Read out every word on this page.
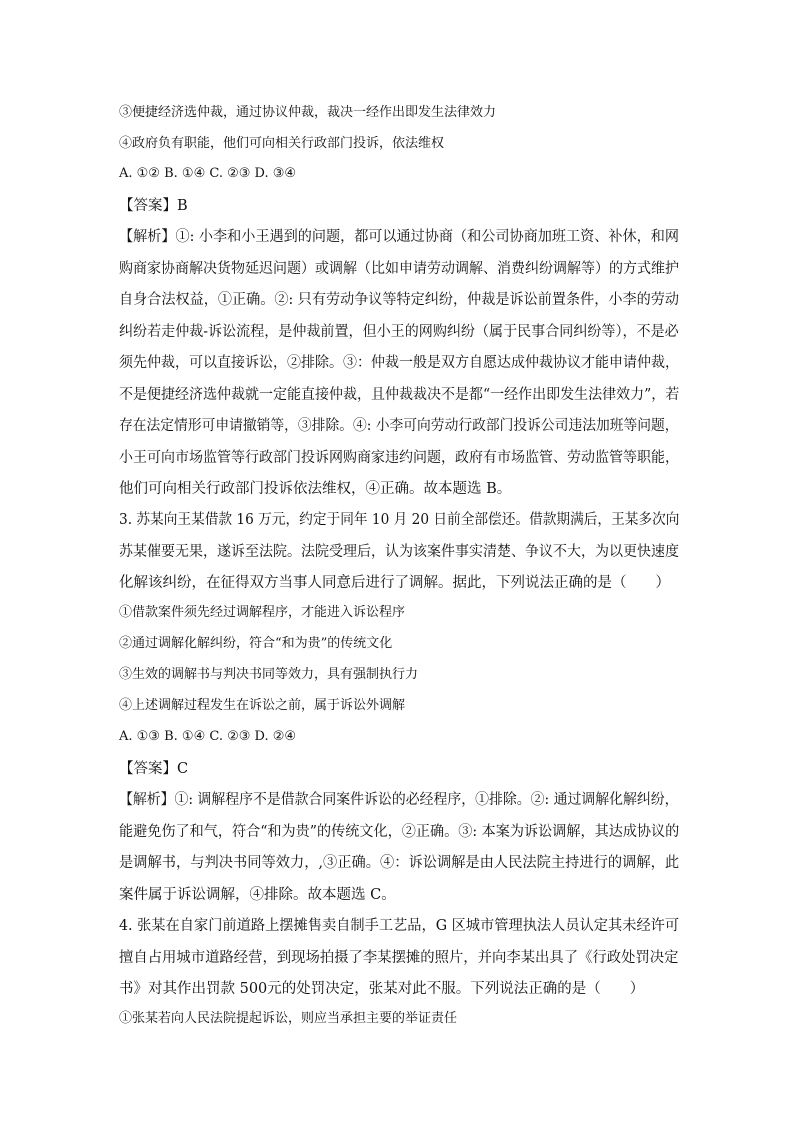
③便捷经济选仲裁，通过协议仲裁，裁决一经作出即发生法律效力
④政府负有职能，他们可向相关行政部门投诉，依法维权
A. ①② B. ①④ C. ②③ D. ③④
【答案】B
【解析】①: 小李和小王遇到的问题，都可以通过协商（和公司协商加班工资、补休，和网
购商家协商解决货物延迟问题）或调解（比如申请劳动调解、消费纠纷调解等）的方式维护
自身合法权益，①正确。②: 只有劳动争议等特定纠纷，仲裁是诉讼前置条件，小李的劳动
纠纷若走仲裁-诉讼流程，是仲裁前置，但小王的网购纠纷（属于民事合同纠纷等），不是必
须先仲裁，可以直接诉讼，②排除。③：仲裁一般是双方自愿达成仲裁协议才能申请仲裁，
不是便捷经济选仲裁就一定能直接仲裁，且仲裁裁决不是都“一经作出即发生法律效力”，若
存在法定情形可申请撤销等，③排除。④: 小李可向劳动行政部门投诉公司违法加班等问题，
小王可向市场监管等行政部门投诉网购商家违约问题，政府有市场监管、劳动监管等职能，
他们可向相关行政部门投诉依法维权，④正确。故本题选 B。
3. 苏某向王某借款 16 万元，约定于同年 10 月 20 日前全部偿还。借款期满后，王某多次向
苏某催要无果，遂诉至法院。法院受理后，认为该案件事实清楚、争议不大，为以更快速度
化解该纠纷，在征得双方当事人同意后进行了调解。据此，下列说法正确的是（　　）
①借款案件须先经过调解程序，才能进入诉讼程序
②通过调解化解纠纷，符合“和为贵”的传统文化
③生效的调解书与判决书同等效力，具有强制执行力
④上述调解过程发生在诉讼之前，属于诉讼外调解
A. ①③ B. ①④ C. ②③ D. ②④
【答案】C
【解析】①: 调解程序不是借款合同案件诉讼的必经程序，①排除。②: 通过调解化解纠纷，
能避免伤了和气，符合“和为贵”的传统文化，②正确。③: 本案为诉讼调解，其达成协议的
是调解书，与判决书同等效力，,③正确。④：诉讼调解是由人民法院主持进行的调解，此
案件属于诉讼调解，④排除。故本题选 C。
4. 张某在自家门前道路上摆摊售卖自制手工艺品，G 区城市管理执法人员认定其未经许可
擅自占用城市道路经营，到现场拍摄了李某摆摊的照片，并向李某出具了《行政处罚决定
书》对其作出罚款 500元的处罚决定，张某对此不服。下列说法正确的是（　　）
①张某若向人民法院提起诉讼，则应当承担主要的举证责任
